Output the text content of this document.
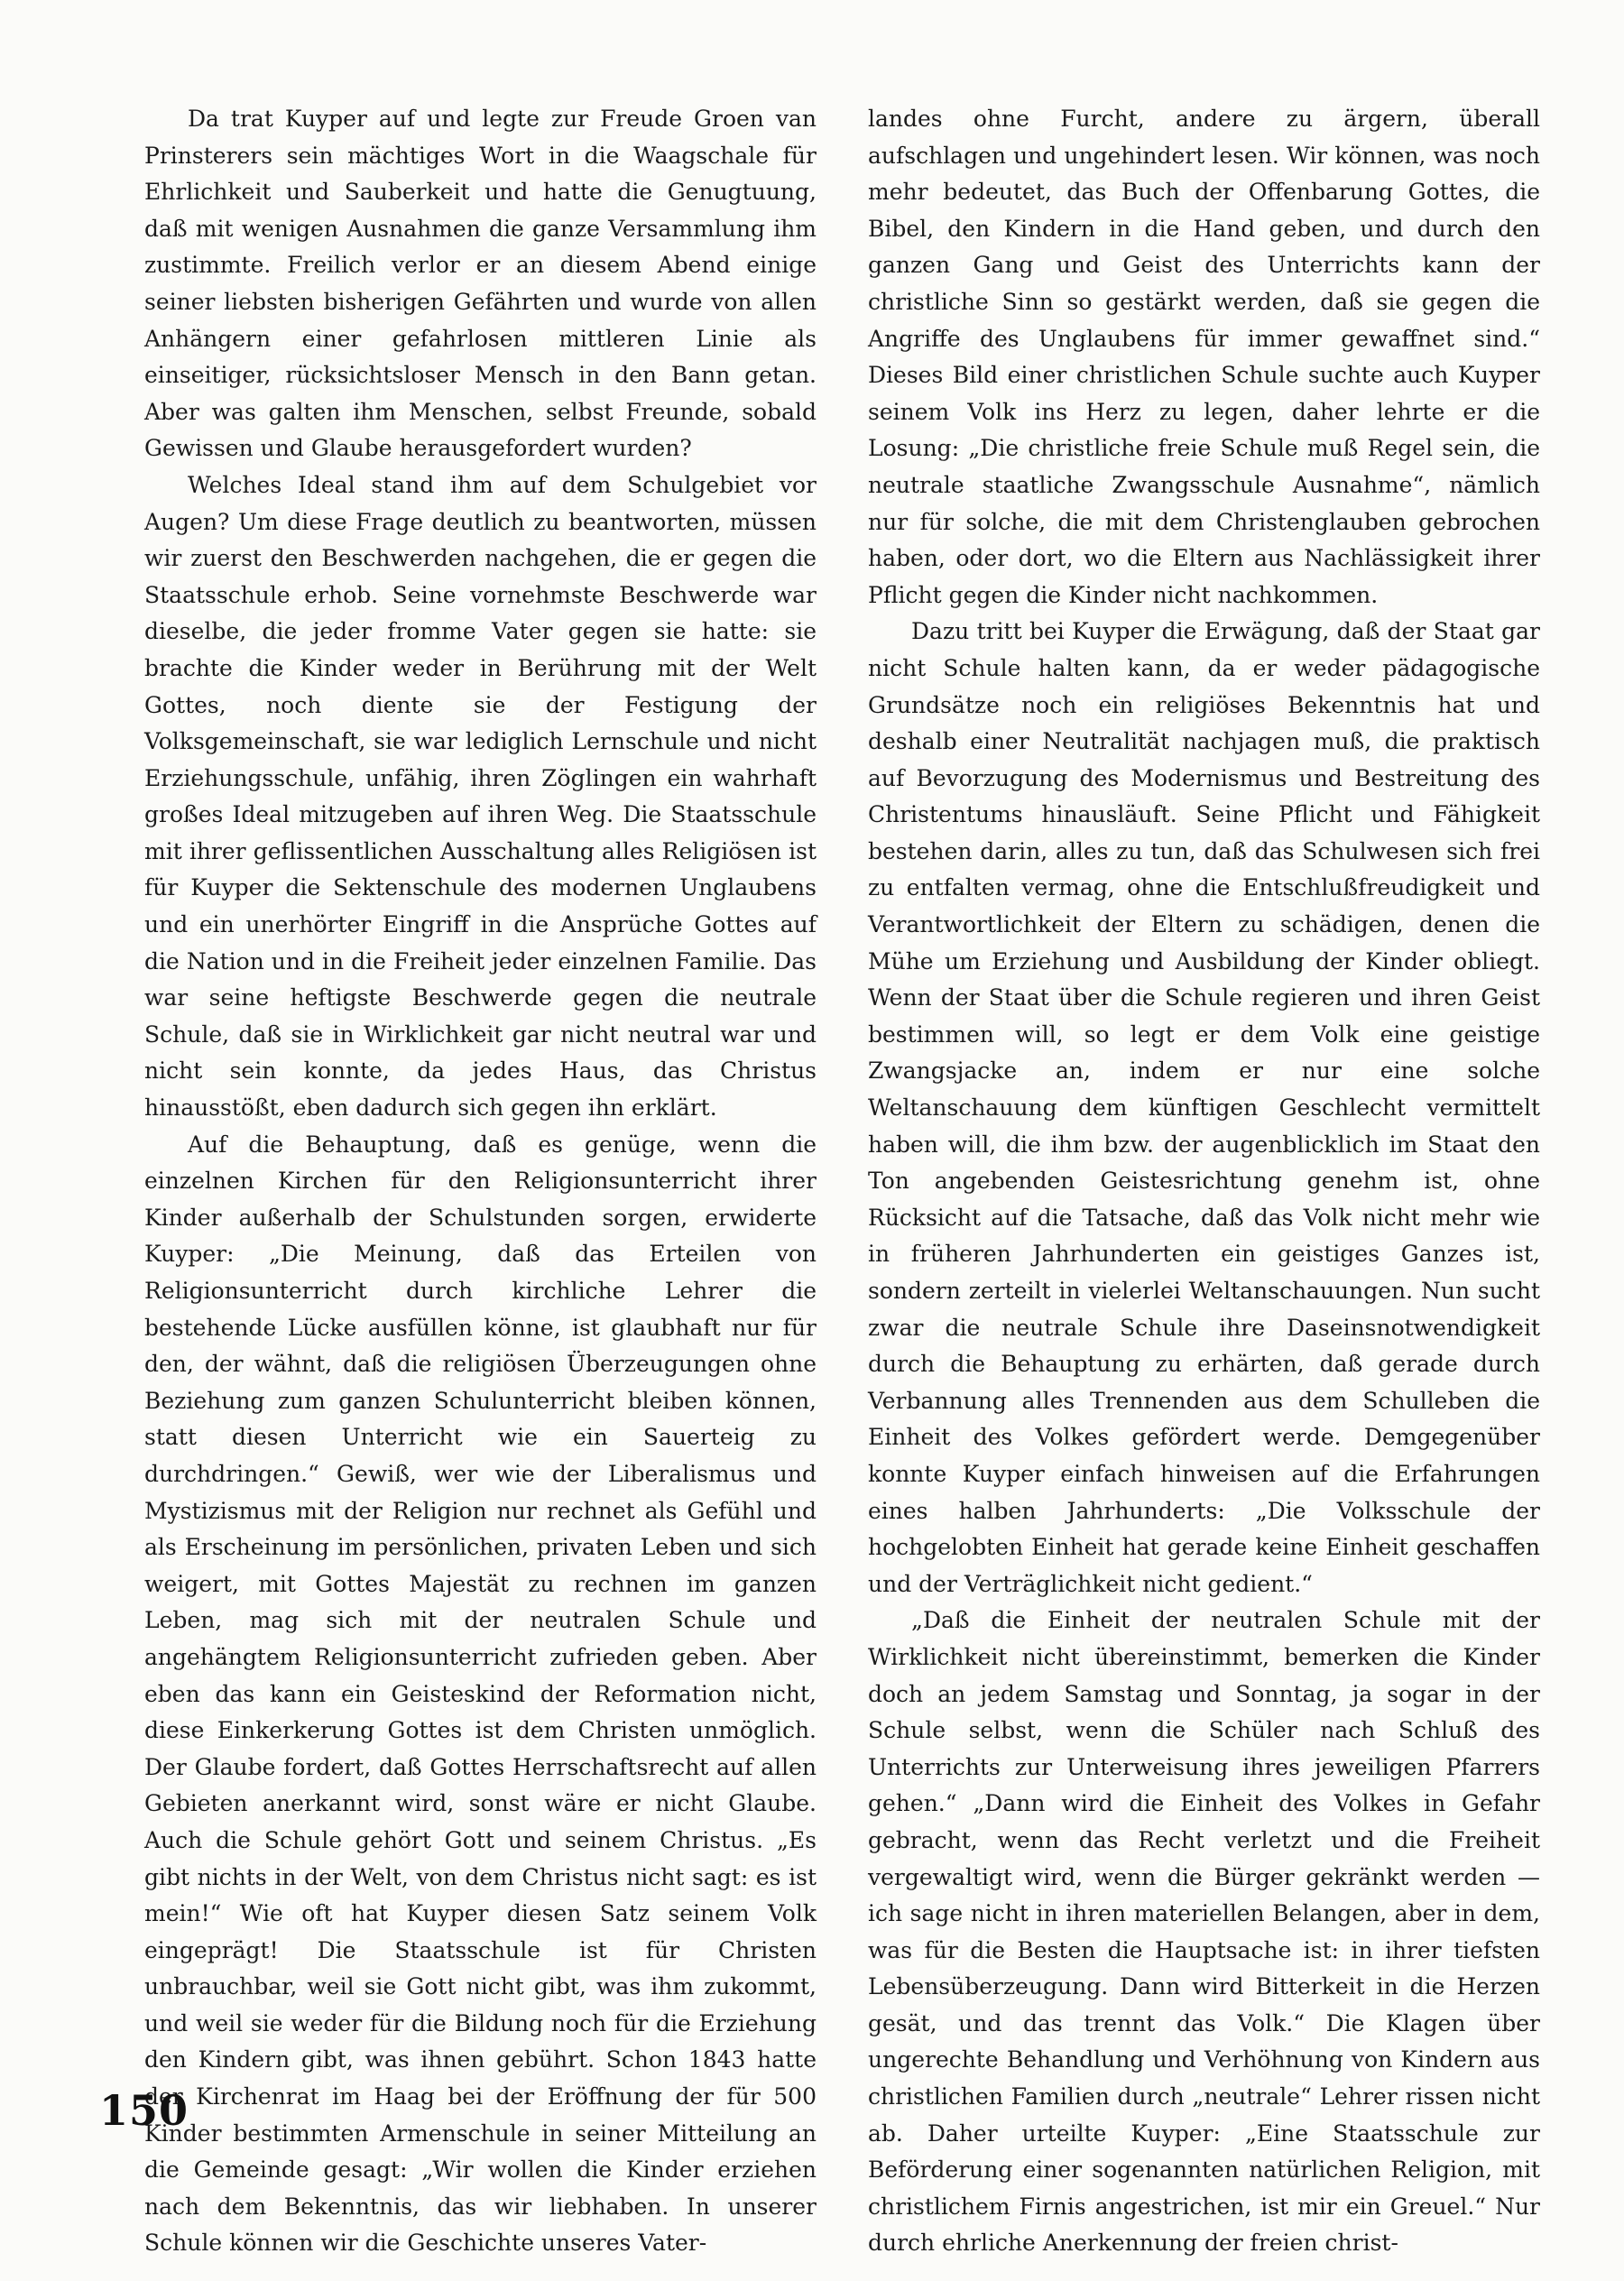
Da trat Kuyper auf und legte zur Freude Groen van Prinsterers sein mächtiges Wort in die Waagschale für Ehrlichkeit und Sauberkeit und hatte die Genugtuung, daß mit wenigen Ausnahmen die ganze Versammlung ihm zustimmte. Freilich verlor er an diesem Abend einige seiner liebsten bisherigen Gefährten und wurde von allen Anhängern einer gefahrlosen mittleren Linie als einseitiger, rücksichtsloser Mensch in den Bann getan. Aber was galten ihm Menschen, selbst Freunde, sobald Gewissen und Glaube herausgefordert wurden?

Welches Ideal stand ihm auf dem Schulgebiet vor Augen? Um diese Frage deutlich zu beantworten, müssen wir zuerst den Beschwerden nachgehen, die er gegen die Staatsschule erhob. Seine vornehmste Beschwerde war dieselbe, die jeder fromme Vater gegen sie hatte: sie brachte die Kinder weder in Berührung mit der Welt Gottes, noch diente sie der Festigung der Volksgemeinschaft, sie war lediglich Lernschule und nicht Erziehungsschule, unfähig, ihren Zöglingen ein wahrhaft großes Ideal mitzugeben auf ihren Weg. Die Staatsschule mit ihrer geflissentlichen Ausschaltung alles Religiösen ist für Kuyper die Sektenschule des modernen Unglaubens und ein unerhörter Eingriff in die Ansprüche Gottes auf die Nation und in die Freiheit jeder einzelnen Familie. Das war seine heftigste Beschwerde gegen die neutrale Schule, daß sie in Wirklichkeit gar nicht neutral war und nicht sein konnte, da jedes Haus, das Christus hinausstößt, eben dadurch sich gegen ihn erklärt.

Auf die Behauptung, daß es genüge, wenn die einzelnen Kirchen für den Religionsunterricht ihrer Kinder außerhalb der Schulstunden sorgen, erwiderte Kuyper: „Die Meinung, daß das Erteilen von Religionsunterricht durch kirchliche Lehrer die bestehende Lücke ausfüllen könne, ist glaubhaft nur für den, der wähnt, daß die religiösen Überzeugungen ohne Beziehung zum ganzen Schulunterricht bleiben können, statt diesen Unterricht wie ein Sauerteig zu durchdringen.“ Gewiß, wer wie der Liberalismus und Mystizismus mit der Religion nur rechnet als Gefühl und als Erscheinung im persönlichen, privaten Leben und sich weigert, mit Gottes Majestät zu rechnen im ganzen Leben, mag sich mit der neutralen Schule und angehängtem Religionsunterricht zufrieden geben. Aber eben das kann ein Geisteskind der Reformation nicht, diese Einkerkerung Gottes ist dem Christen unmöglich. Der Glaube fordert, daß Gottes Herrschaftsrecht auf allen Gebieten anerkannt wird, sonst wäre er nicht Glaube. Auch die Schule gehört Gott und seinem Christus. „Es gibt nichts in der Welt, von dem Christus nicht sagt: es ist mein!“ Wie oft hat Kuyper diesen Satz seinem Volk eingeprägt! Die Staatsschule ist für Christen unbrauchbar, weil sie Gott nicht gibt, was ihm zukommt, und weil sie weder für die Bildung noch für die Erziehung den Kindern gibt, was ihnen gebührt. Schon 1843 hatte der Kirchenrat im Haag bei der Eröffnung der für 500 Kinder bestimmten Armenschule in seiner Mitteilung an die Gemeinde gesagt: „Wir wollen die Kinder erziehen nach dem Bekenntnis, das wir liebhaben. In unserer Schule können wir die Geschichte unseres Vater-

landes ohne Furcht, andere zu ärgern, überall aufschlagen und ungehindert lesen. Wir können, was noch mehr bedeutet, das Buch der Offenbarung Gottes, die Bibel, den Kindern in die Hand geben, und durch den ganzen Gang und Geist des Unterrichts kann der christliche Sinn so gestärkt werden, daß sie gegen die Angriffe des Unglaubens für immer gewaffnet sind.“ Dieses Bild einer christlichen Schule suchte auch Kuyper seinem Volk ins Herz zu legen, daher lehrte er die Losung: „Die christliche freie Schule muß Regel sein, die neutrale staatliche Zwangsschule Ausnahme“, nämlich nur für solche, die mit dem Christenglauben gebrochen haben, oder dort, wo die Eltern aus Nachlässigkeit ihrer Pflicht gegen die Kinder nicht nachkommen.

Dazu tritt bei Kuyper die Erwägung, daß der Staat gar nicht Schule halten kann, da er weder pädagogische Grundsätze noch ein religiöses Bekenntnis hat und deshalb einer Neutralität nachjagen muß, die praktisch auf Bevorzugung des Modernismus und Bestreitung des Christentums hinausläuft. Seine Pflicht und Fähigkeit bestehen darin, alles zu tun, daß das Schulwesen sich frei zu entfalten vermag, ohne die Entschlußfreudigkeit und Verantwortlichkeit der Eltern zu schädigen, denen die Mühe um Erziehung und Ausbildung der Kinder obliegt. Wenn der Staat über die Schule regieren und ihren Geist bestimmen will, so legt er dem Volk eine geistige Zwangsjacke an, indem er nur eine solche Weltanschauung dem künftigen Geschlecht vermittelt haben will, die ihm bzw. der augenblicklich im Staat den Ton angebenden Geistesrichtung genehm ist, ohne Rücksicht auf die Tatsache, daß das Volk nicht mehr wie in früheren Jahrhunderten ein geistiges Ganzes ist, sondern zerteilt in vielerlei Weltanschauungen. Nun sucht zwar die neutrale Schule ihre Daseinsnotwendigkeit durch die Behauptung zu erhärten, daß gerade durch Verbannung alles Trennenden aus dem Schulleben die Einheit des Volkes gefördert werde. Demgegenüber konnte Kuyper einfach hinweisen auf die Erfahrungen eines halben Jahrhunderts: „Die Volksschule der hochgelobten Einheit hat gerade keine Einheit geschaffen und der Verträglichkeit nicht gedient.“

„Daß die Einheit der neutralen Schule mit der Wirklichkeit nicht übereinstimmt, bemerken die Kinder doch an jedem Samstag und Sonntag, ja sogar in der Schule selbst, wenn die Schüler nach Schluß des Unterrichts zur Unterweisung ihres jeweiligen Pfarrers gehen.“ „Dann wird die Einheit des Volkes in Gefahr gebracht, wenn das Recht verletzt und die Freiheit vergewaltigt wird, wenn die Bürger gekränkt werden — ich sage nicht in ihren materiellen Belangen, aber in dem, was für die Besten die Hauptsache ist: in ihrer tiefsten Lebensüberzeugung. Dann wird Bitterkeit in die Herzen gesät, und das trennt das Volk.“ Die Klagen über ungerechte Behandlung und Verhöhnung von Kindern aus christlichen Familien durch „neutrale“ Lehrer rissen nicht ab. Daher urteilte Kuyper: „Eine Staatsschule zur Beförderung einer sogenannten natürlichen Religion, mit christlichem Firnis angestrichen, ist mir ein Greuel.“ Nur durch ehrliche Anerkennung der freien christ-

150
